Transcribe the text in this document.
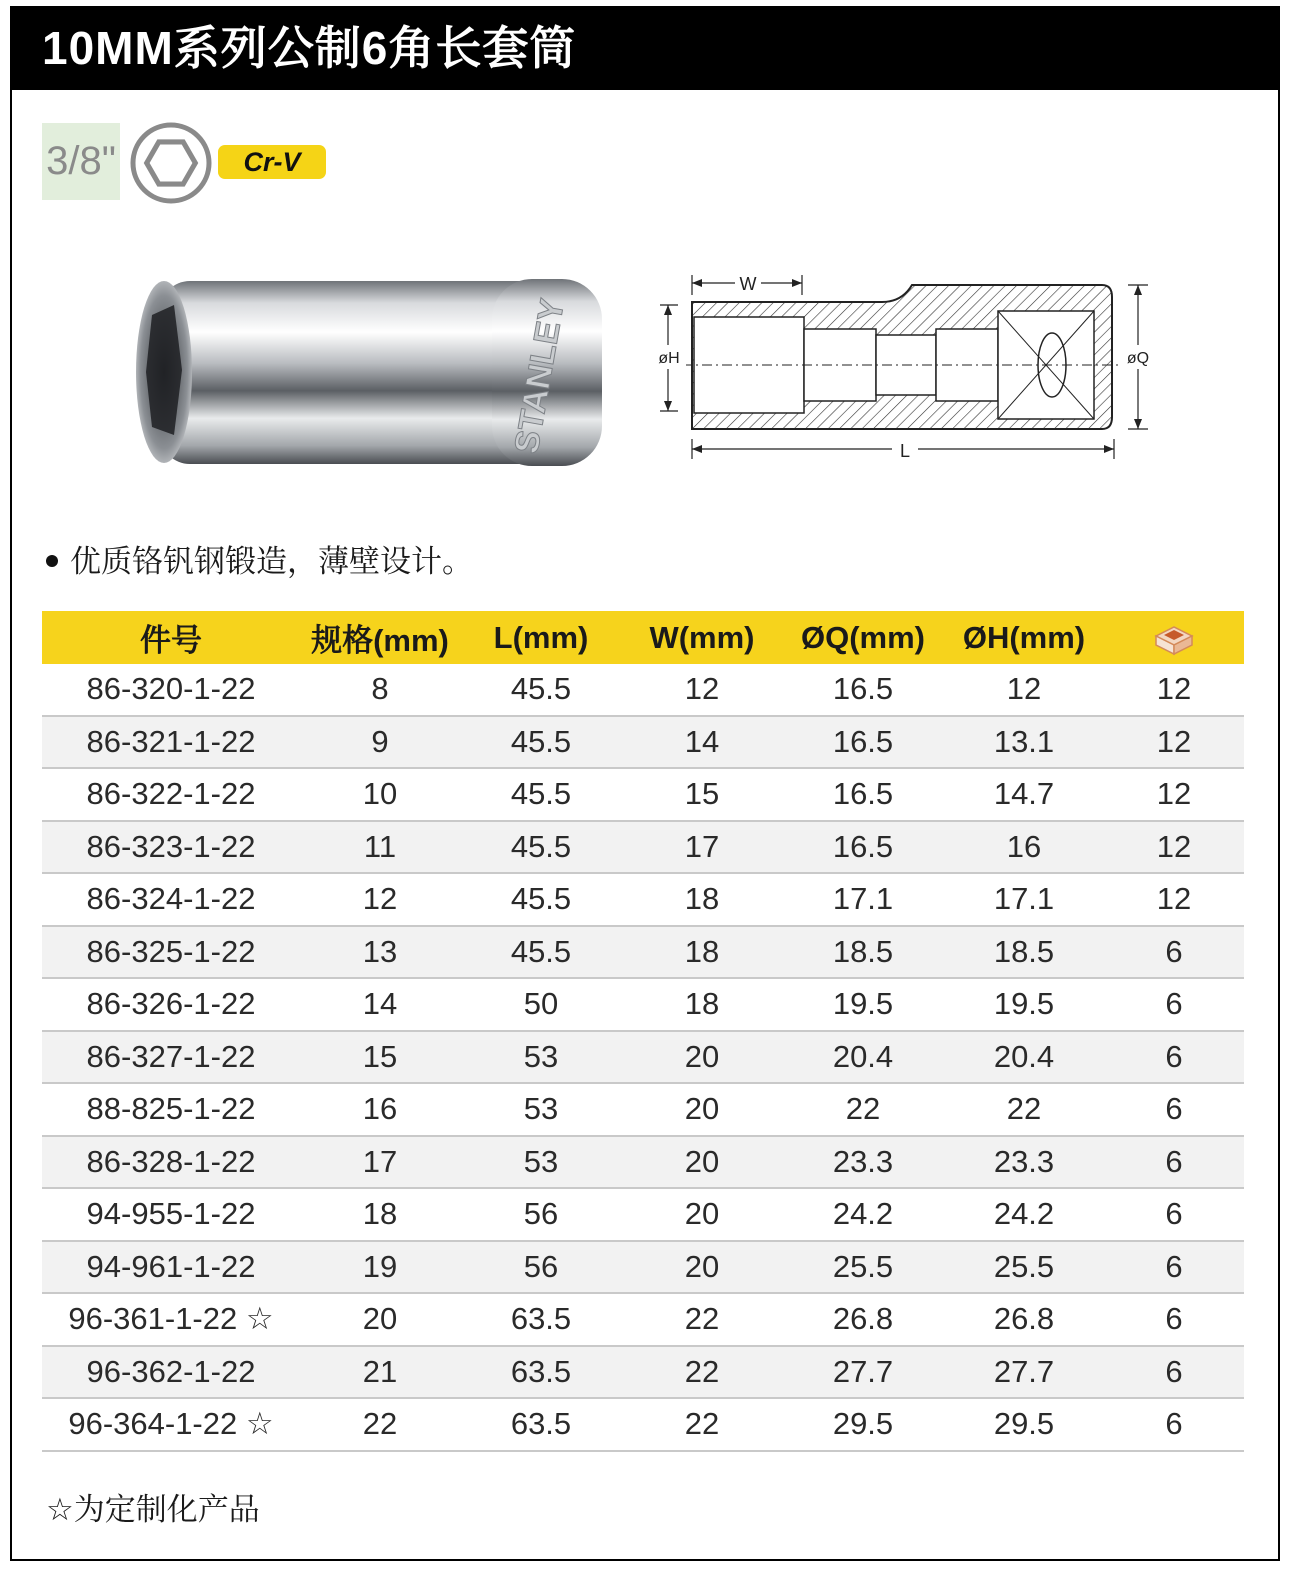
10MM系列公制6角长套筒
3/8"	Cr-V
STANLEY
W
L
øH	øQ
优质铬钒钢锻造，薄壁设计。
件号	规格(mm)	L(mm)	W(mm)	ØQ(mm)	ØH(mm)
86-320-1-22	8	45.5	12	16.5	12	12
86-321-1-22	9	45.5	14	16.5	13.1	12
86-322-1-22	10	45.5	15	16.5	14.7	12
86-323-1-22	11	45.5	17	16.5	16	12
86-324-1-22	12	45.5	18	17.1	17.1	12
86-325-1-22	13	45.5	18	18.5	18.5	6
86-326-1-22	14	50	18	19.5	19.5	6
86-327-1-22	15	53	20	20.4	20.4	6
88-825-1-22	16	53	20	22	22	6
86-328-1-22	17	53	20	23.3	23.3	6
94-955-1-22	18	56	20	24.2	24.2	6
94-961-1-22	19	56	20	25.5	25.5	6
96-361-1-22 ☆	20	63.5	22	26.8	26.8	6
96-362-1-22	21	63.5	22	27.7	27.7	6
96-364-1-22 ☆	22	63.5	22	29.5	29.5	6
☆为定制化产品
